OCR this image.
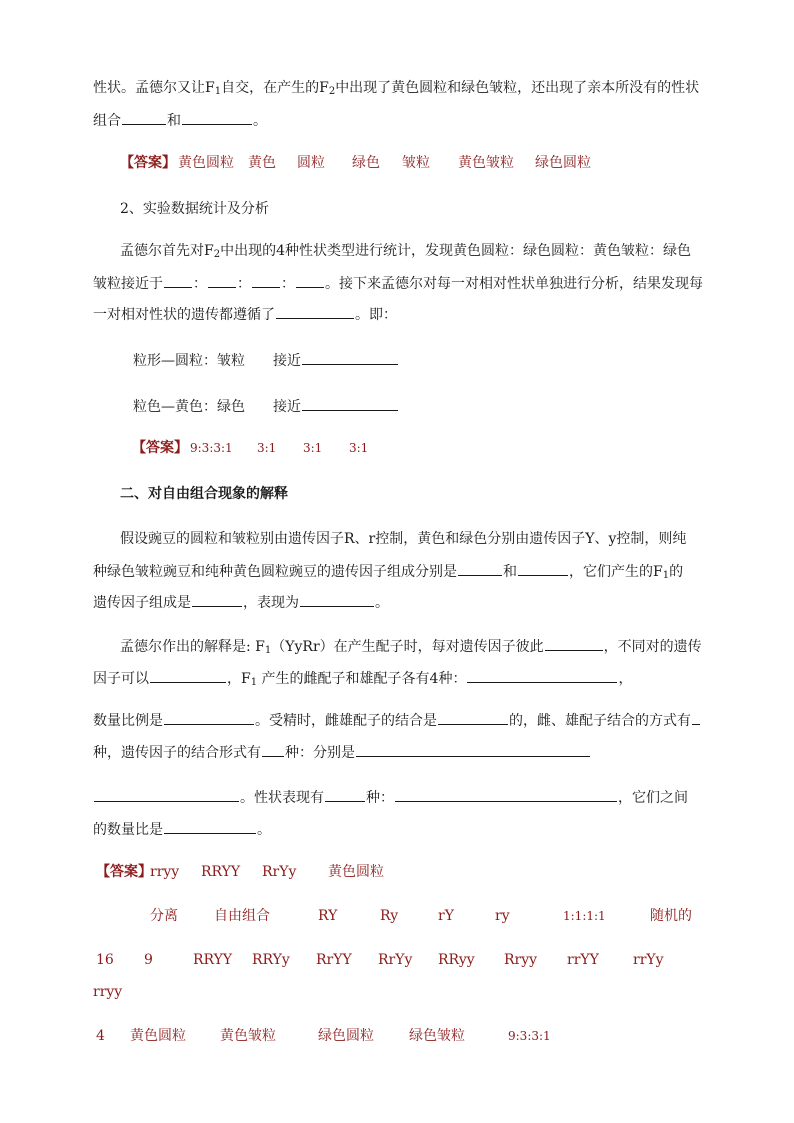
性状。孟德尔又让$F_1$自交，在产生的$F_2$中出现了黄色圆粒和绿色皱粒，还出现了亲本所没有的性状
组合	和	。
【答案】 黄色圆粒 黄色 圆粒 绿色 皱粒 黄色皱粒 绿色圆粒
2、实验数据统计及分析
孟德尔首先对$F_2$中出现的4种性状类型进行统计，发现黄色圆粒：绿色圆粒：黄色皱粒：绿色
皱粒接近于 ： ： ： 。接下来孟德尔对每一对相对性状单独进行分析，结果发现每
一对相对性状的遗传都遵循了	。即：
粒形—圆粒：皱粒 接近
粒色—黄色：绿色 接近
【答案】 9:3:3:1 3:1 3:1 3:1
二、对自由组合现象的解释
假设豌豆的圆粒和皱粒别由遗传因子R、r控制，黄色和绿色分别由遗传因子Y、y控制，则纯
种绿色皱粒豌豆和纯种黄色圆粒豌豆的遗传因子组成分别是	和	，它们产生的$F_1$的
遗传因子组成是	，表现为	。
孟德尔作出的解释是: $F_1(YyRr)$在产生配子时，每对遗传因子彼此	，不同对的遗传
因子可以	，$F_1$ 产生的雌配子和雄配子各有4种：	，
数量比例是	。受精时，雌雄配子的结合是	的，雌、雄配子结合的方式有
种，遗传因子的结合形式有 种：分别是
。性状表现有	种：	，它们之间
的数量比是	。
【答案】
rryy RRYY RrYy 黄色圆粒
分离	自由组合	RY	Ry	rY	ry	1:1:1:1	随机的
16 9	RRYY RRYy RrYY RrYy RRyy Rryy rrYY rrYy
rryy
4 黄色圆粒 黄色皱粒	绿色圆粒	绿色皱粒	9:3:3:1
